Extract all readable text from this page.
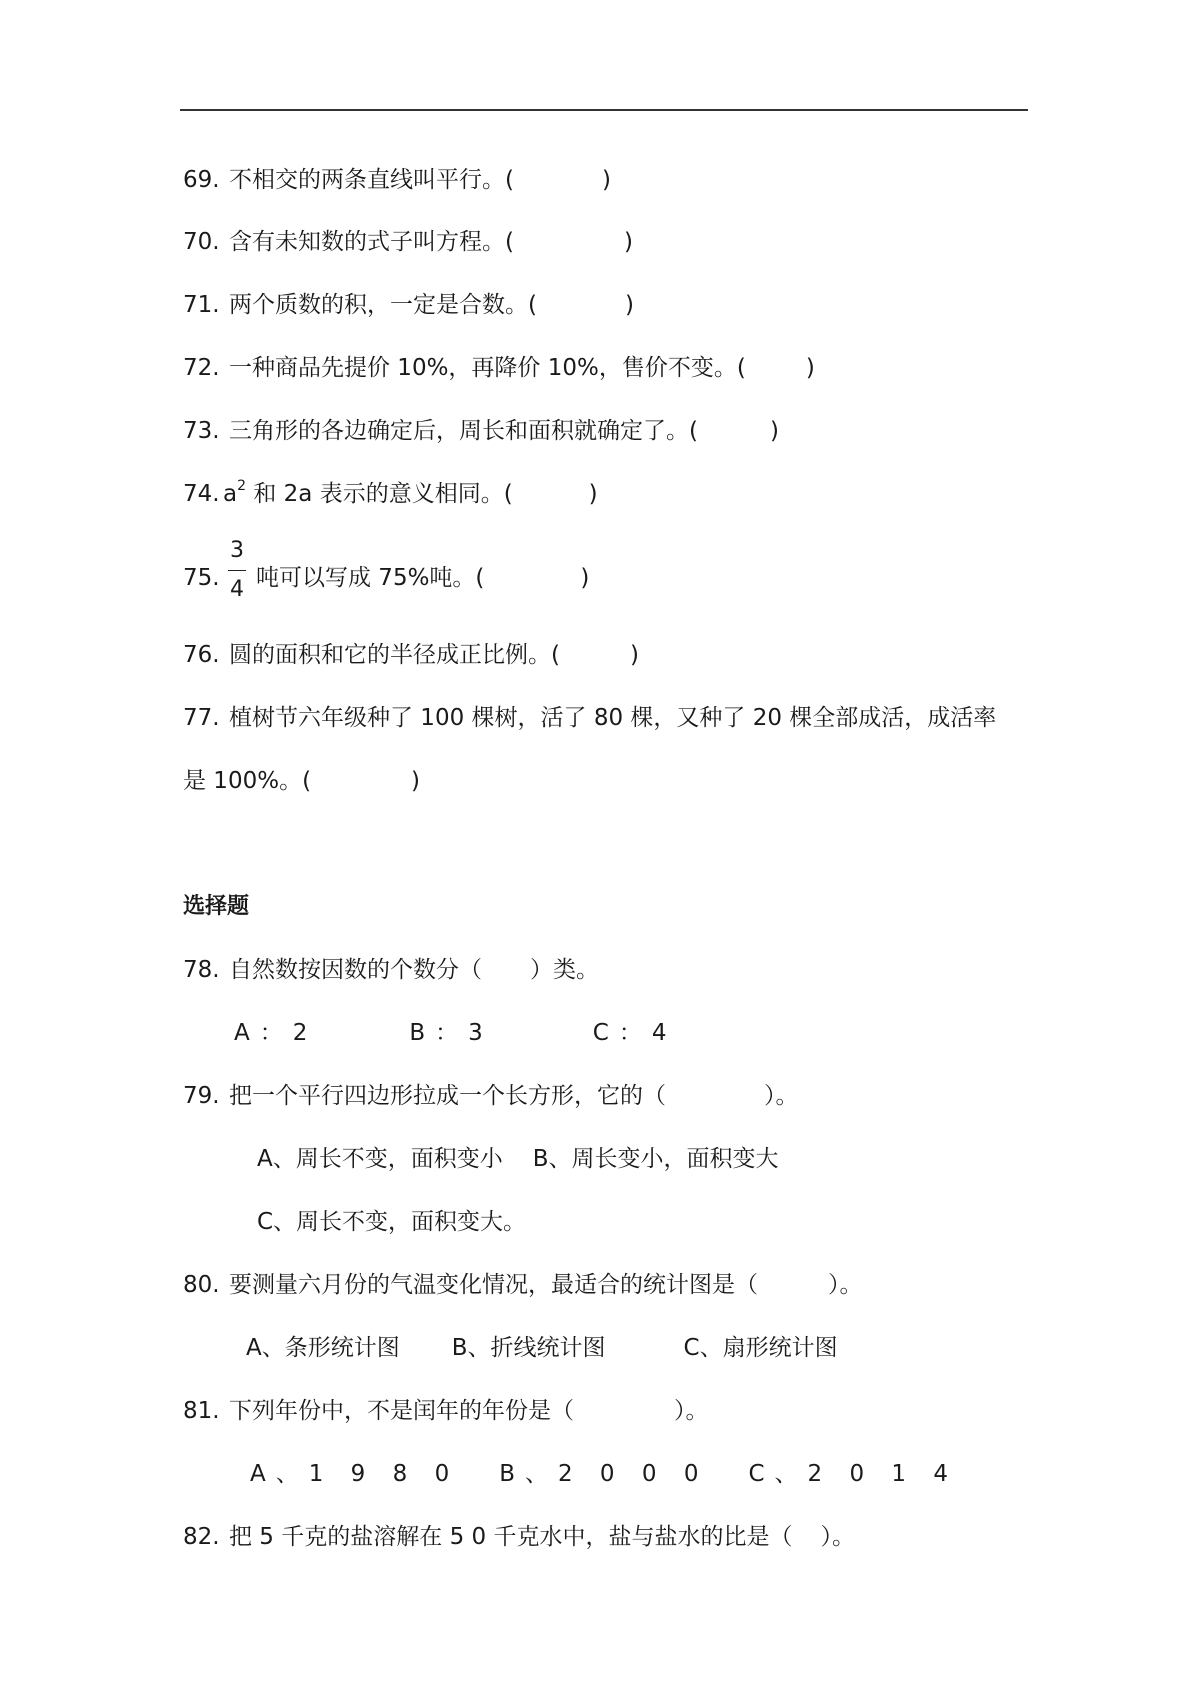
69. 不相交的两条直线叫平行。(	)
70. 含有未知数的式子叫方程。(	)
71. 两个质数的积，一定是合数。(	)
72. 一种商品先提价 10%，再降价 10%，售价不变。(	)
73. 三角形的各边确定后，周长和面积就确定了。(	)
74. $a^2$ 和 2a 表示的意义相同。(	)
3
4
75. 吨可以写成 75%吨。(	)
76. 圆的面积和它的半径成正比例。(	)
77. 植树节六年级种了 100 棵树，活了 80 棵，又种了 20 棵全部成活，成活率
是 100%。(	)
选择题
78. 自然数按因数的个数分（ ）类。
A：2	B：3	C：4
79. 把一个平行四边形拉成一个长方形，它的（	）。
A、周长不变，面积变小 B、周长变小，面积变大
C、周长不变，面积变大。
80. 要测量六月份的气温变化情况，最适合的统计图是（	）。
A、条形统计图 B、折线统计图	C、扇形统计图
81. 下列年份中，不是闰年的年份是（	）。
A、1 9 8 0 B、2 0 0 0 C、2 0 1 4
82. 把 5 千克的盐溶解在 5 0 千克水中，盐与盐水的比是（ ）。
